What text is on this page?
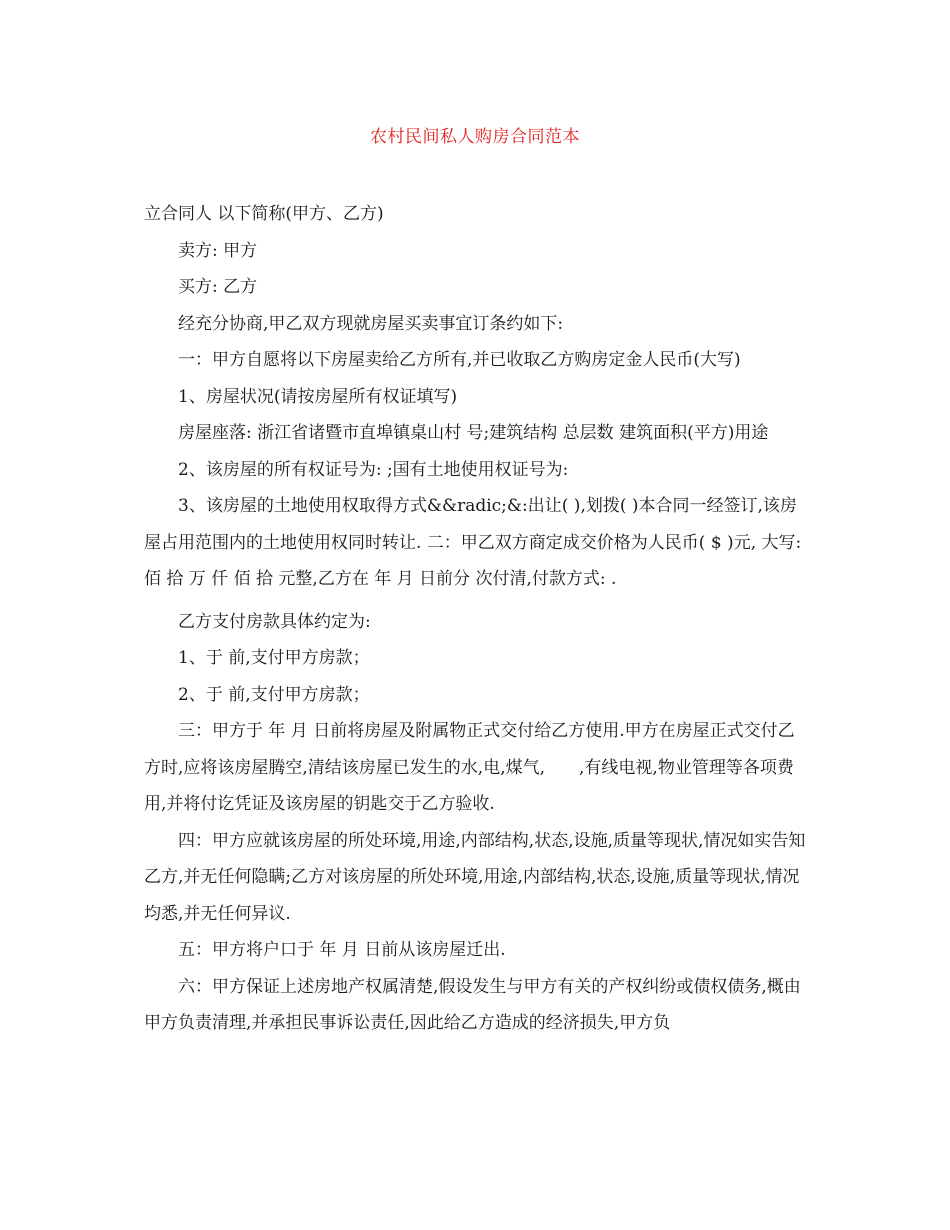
农村民间私人购房合同范本

立合同人 以下简称(甲方、乙方)

卖方: 甲方

买方: 乙方

经充分协商,甲乙双方现就房屋买卖事宜订条约如下:

一：甲方自愿将以下房屋卖给乙方所有,并已收取乙方购房定金人民币(大写)

1、房屋状况(请按房屋所有权证填写)

房屋座落: 浙江省诸暨市直埠镇桌山村 号;建筑结构 总层数 建筑面积(平方)用途

2、该房屋的所有权证号为: ;国有土地使用权证号为:

3、该房屋的土地使用权取得方式&&radic;&:出让( ),划拨( )本合同一经签订,该房屋占用范围内的土地使用权同时转让. 二：甲乙双方商定成交价格为人民币( $ )元, 大写: 佰 拾 万 仟 佰 拾 元整,乙方在 年 月 日前分 次付清,付款方式: .

乙方支付房款具体约定为:

1、于 前,支付甲方房款；

2、于 前,支付甲方房款；

三：甲方于 年 月 日前将房屋及附属物正式交付给乙方使用.甲方在房屋正式交付乙方时,应将该房屋腾空,清结该房屋已发生的水,电,煤气,　　,有线电视,物业管理等各项费用,并将付讫凭证及该房屋的钥匙交于乙方验收.

四：甲方应就该房屋的所处环境,用途,内部结构,状态,设施,质量等现状,情况如实告知乙方,并无任何隐瞒;乙方对该房屋的所处环境,用途,内部结构,状态,设施,质量等现状,情况均悉,并无任何异议.

五：甲方将户口于 年 月 日前从该房屋迁出.

六：甲方保证上述房地产权属清楚,假设发生与甲方有关的产权纠纷或债权债务,概由甲方负责清理,并承担民事诉讼责任,因此给乙方造成的经济损失,甲方负
